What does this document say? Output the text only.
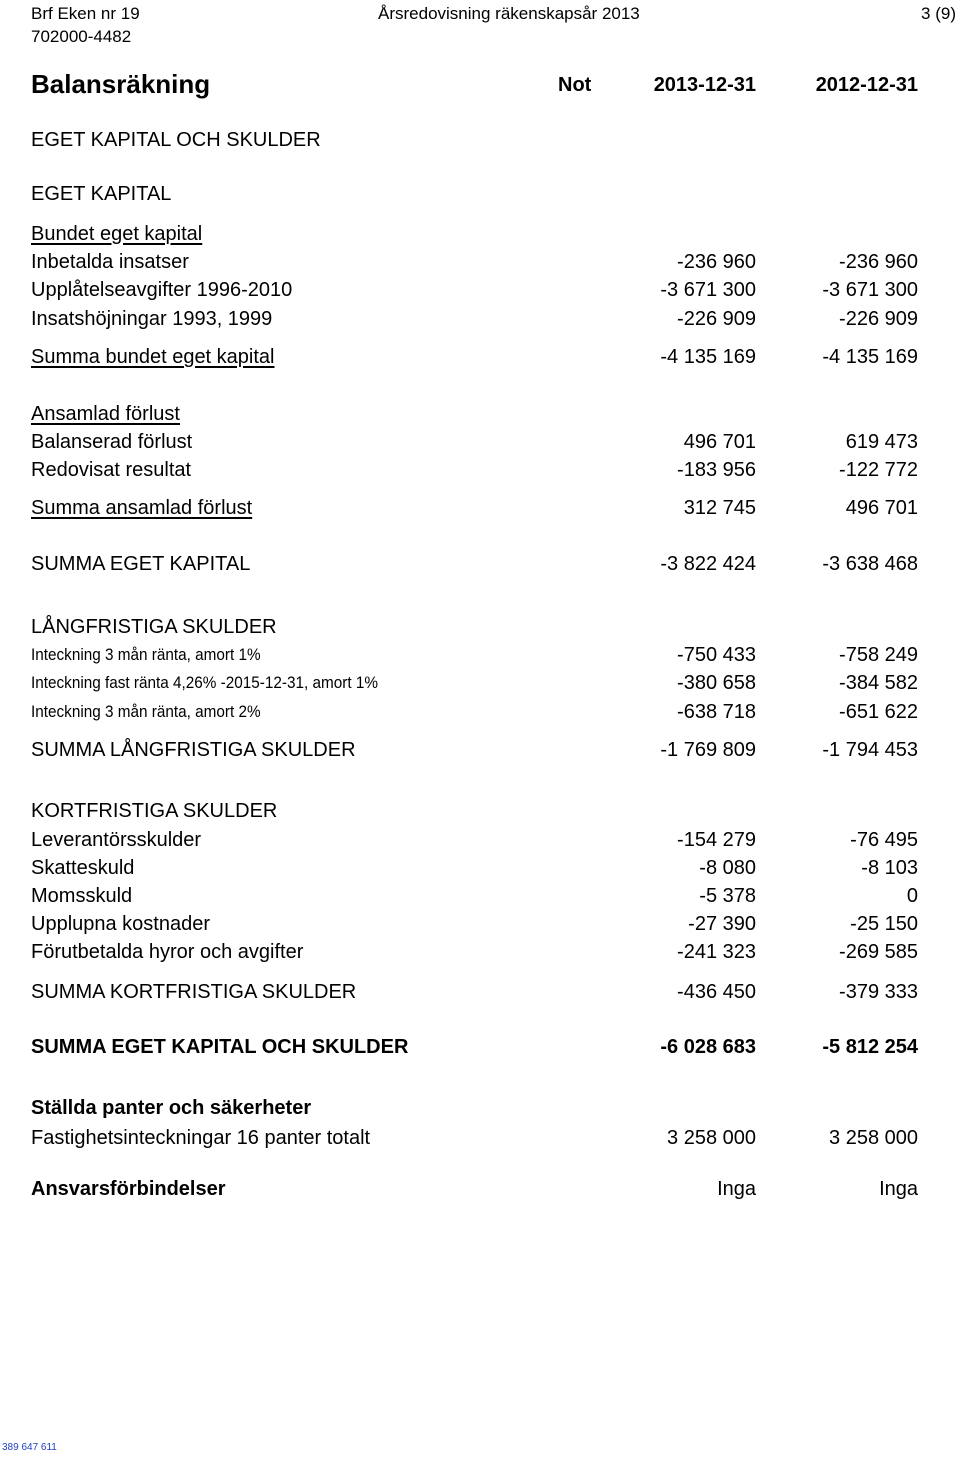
Brf Eken nr 19
702000-4482
Årsredovisning räkenskapsår 2013	3 (9)
Balansräkning	Not	2013-12-31	2012-12-31
EGET KAPITAL OCH SKULDER
EGET KAPITAL
Bundet eget kapital
Inbetalda insatser	-236 960	-236 960
Upplåtelseavgifter 1996-2010	-3 671 300	-3 671 300
Insatshöjningar 1993, 1999	-226 909	-226 909
Summa bundet eget kapital	-4 135 169	-4 135 169
Ansamlad förlust
Balanserad förlust	496 701	619 473
Redovisat resultat	-183 956	-122 772
Summa ansamlad förlust	312 745	496 701
SUMMA EGET KAPITAL	-3 822 424	-3 638 468
LÅNGFRISTIGA SKULDER
Inteckning 3 mån ränta, amort 1%	-750 433	-758 249
Inteckning fast ränta 4,26% -2015-12-31, amort 1%	-380 658	-384 582
Inteckning 3 mån ränta, amort 2%	-638 718	-651 622
SUMMA LÅNGFRISTIGA SKULDER	-1 769 809	-1 794 453
KORTFRISTIGA SKULDER
Leverantörsskulder	-154 279	-76 495
Skatteskuld	-8 080	-8 103
Momsskuld	-5 378	0
Upplupna kostnader	-27 390	-25 150
Förutbetalda hyror och avgifter	-241 323	-269 585
SUMMA KORTFRISTIGA SKULDER	-436 450	-379 333
SUMMA EGET KAPITAL OCH SKULDER	-6 028 683	-5 812 254
Ställda panter och säkerheter
Fastighetsinteckningar 16 panter totalt	3 258 000	3 258 000
Ansvarsförbindelser	Inga	Inga
389 647 611
